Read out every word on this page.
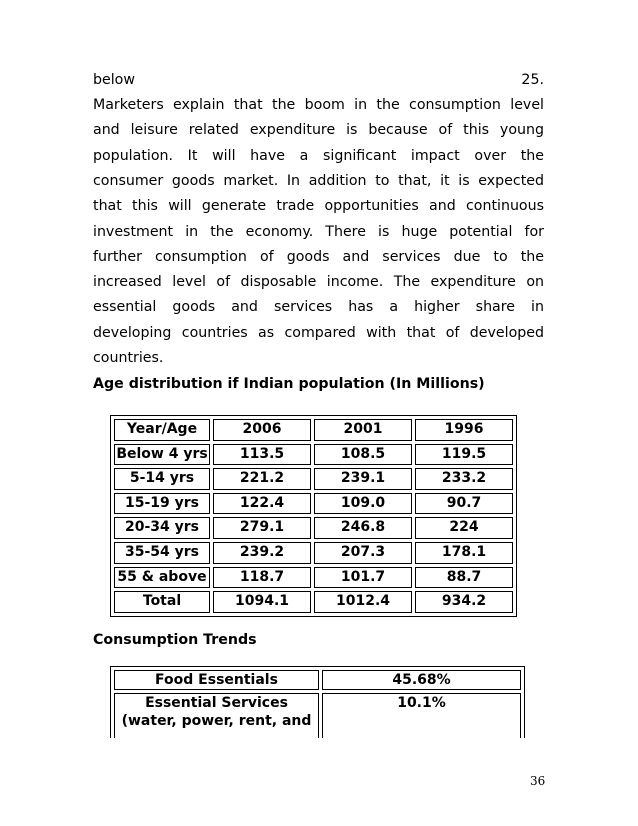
below	25.
Marketers explain that the boom in the consumption level
and leisure related expenditure is because of this young
population. It will have a significant impact over the
consumer goods market. In addition to that, it is expected
that this will generate trade opportunities and continuous
investment in the economy. There is huge potential for
further consumption of goods and services due to the
increased level of disposable income. The expenditure on
essential goods and services has a higher share in
developing countries as compared with that of developed
countries.
Age distribution if Indian population (In Millions)
Year/Age	2006	2001	1996
Below 4 yrs	113.5	108.5	119.5
5-14 yrs	221.2	239.1	233.2
15-19 yrs	122.4	109.0	90.7
20-34 yrs	279.1	246.8	224
35-54 yrs	239.2	207.3	178.1
55 & above	118.7	101.7	88.7
Total	1094.1	1012.4	934.2
Consumption Trends
Food Essentials	45.68%

Essential Services
(water, power, rent, and	10.1%
36
